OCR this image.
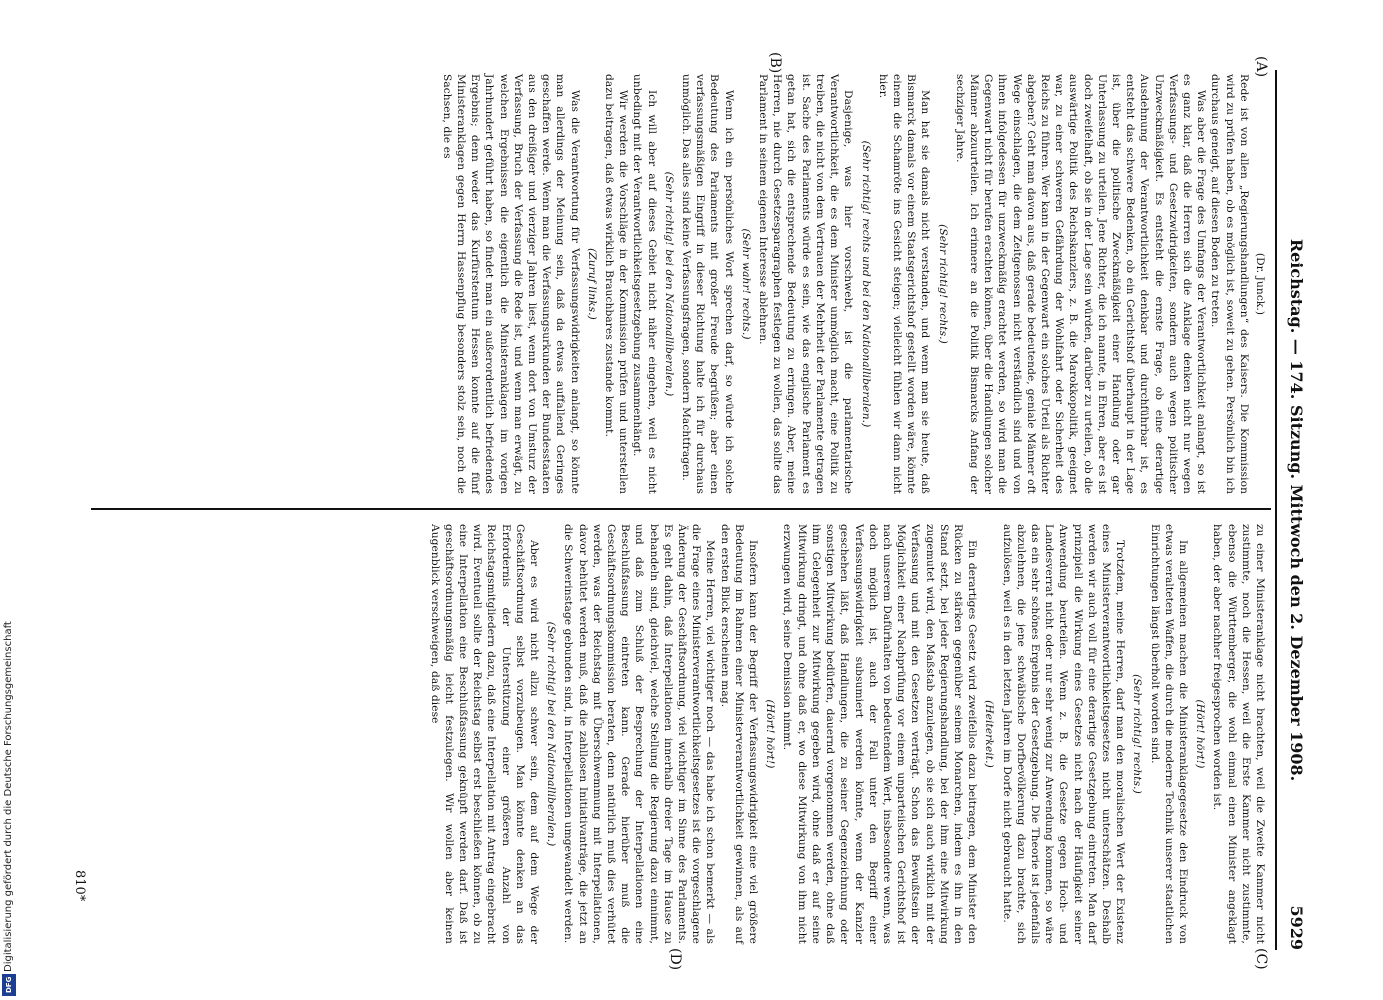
Reichstag. — 174. Sitzung. Mittwoch den 2. Dezember 1908.
5929
(A)
(B)
(C)
(D)

(Dr. Junck.)

Rede ist von allen „Regierungshandlungen“ des Kaisers. Die Kommission wird zu prüfen haben, ob es möglich ist, soweit zu gehen. Persönlich bin ich durchaus geneigt, auf diesen Boden zu treten.

Was aber die Frage des Umfangs der Verantwortlichkeit anlangt, so ist es ganz klar, daß die Herren sich die Anklage denken nicht nur wegen Verfassungs- und Gesetzwidrigkeiten, sondern auch wegen politischer Unzweckmäßigkeit. Es entsteht die ernste Frage, ob eine derartige Ausdehnung der Verantwortlichkeit denkbar und durchführbar ist, es entsteht das schwere Bedenken, ob ein Gerichtshof überhaupt in der Lage ist, über die politische Zweckmäßigkeit einer Handlung oder gar Unterlassung zu urteilen. Jene Richter, die ich nannte, in Ehren, aber es ist doch zweifelhaft, ob sie in der Lage sein würden, darüber zu urteilen, ob die auswärtige Politik des Reichskanzlers, z. B. die Marokkopolitik, geeignet war, zu einer schweren Gefährdung der Wohlfahrt oder Sicherheit des Reichs zu führen. Wer kann in der Gegenwart ein solches Urteil als Richter abgeben? Geht man davon aus, daß gerade bedeutende, geniale Männer oft Wege einschlagen, die dem Zeitgenossen nicht verständlich sind und von ihnen infolgedessen für unzweckmäßig erachtet werden, so wird man die Gegenwart nicht für berufen erachten können, über die Handlungen solcher Männer abzuurteilen. Ich erinnere an die Politik Bismarcks Anfang der sechziger Jahre.

(Sehr richtig! rechts.)

Man hat sie damals nicht verstanden, und wenn man sie heute, daß Bismarck damals vor einem Staatsgerichtshof gestellt worden wäre, könnte einem die Schamröte ins Gesicht steigen; vielleicht fühlen wir dann nicht hier.

(Sehr richtig! rechts und bei den Nationalliberalen.)

Dasjenige, was hier vorschwebt, ist die parlamentarische Verantwortlichkeit, die es dem Minister unmöglich macht, eine Politik zu treiben, die nicht von dem Vertrauen der Mehrheit der Parlamente getragen ist. Sache des Parlaments würde es sein, wie das englische Parlament es getan hat, sich die entsprechende Bedeutung zu erringen. Aber, meine Herren, nie durch Gesetzesparagraphen festlegen zu wollen, das sollte das Parlament in seinem eigenen Interesse ablehnen.

(Sehr wahr! rechts.)

Wenn ich ein persönliches Wort sprechen darf, so würde ich solche Bedeutung des Parlaments mit großer Freude begrüßen; aber einen verfassungsmäßigen Eingriff in dieser Richtung halte ich für durchaus unmöglich. Das alles sind keine Verfassungsfragen, sondern Machtfragen.

(Sehr richtig! bei den Nationalliberalen.)

Ich will aber auf dieses Gebiet nicht näher eingehen, weil es nicht unbedingt mit der Verantwortlichkeitsgesetzgebung zusammenhängt.

Wir werden die Vorschläge in der Kommission prüfen und unterstellen dazu beitragen, daß etwas wirklich Brauchbares zustande kommt.

(Zuruf links.)

Was die Verantwortung für Verfassungswidrigkeiten anlangt, so könnte man allerdings der Meinung sein, daß da etwas auffallend Geringes geschaffen werde. Wenn man die Verfassungsurkunden der Bundesstaaten aus den dreißiger und vierziger Jahren liest, wenn dort von Umsturz der Verfassung, Bruch der Verfassung die Rede ist, und wenn man erwägt, zu welchen Ergebnissen die eigentlich die Ministeranklagen im vorigen Jahrhundert geführt haben, so findet man ein außerordentlich befriedendes Ergebnis; denn weder das Kurfürstentum Hessen konnte auf die fünf Ministeranklagen gegen Herrn Hassenpflug besonders stolz sein, noch die Sachsen, die es

zu einer Ministeranklage nicht brachten, weil die Zweite Kammer nicht zustimmte, noch die Hessen, weil die Erste Kammer nicht zustimmte, ebenso die Württemberger, die wohl einmal einen Minister angeklagt haben, der aber nachher freigesprochen worden ist.

(Hört! hört!)

Im allgemeinen machen die Ministeranklagegesetze den Eindruck von etwas veralteten Waffen, die durch die moderne Technik unserer staatlichen Einrichtungen längst überholt worden sind.

(Sehr richtig! rechts.)

Trotzdem, meine Herren, darf man den moralischen Wert der Existenz eines Ministerverantwortlichkeitsgesetzes nicht unterschätzen. Deshalb werden wir auch voll für eine derartige Gesetzgebung eintreten. Man darf prinzipiell die Wirkung eines Gesetzes nicht nach der Häufigkeit seiner Anwendung beurteilen. Wenn z. B. die Gesetze gegen Hoch- und Landesverrat nicht oder nur sehr wenig zur Anwendung kommen, so wäre das ein sehr schönes Ergebnis der Gesetzgebung. Die Theorie ist jedenfalls abzulehnen, die jene schwäbische Dorfbevölkerung dazu brachte, sich aufzulösen, weil es in den letzten Jahren im Dorfe nicht gebraucht hatte.

(Heiterkeit.)

Ein derartiges Gesetz wird zweifellos dazu beitragen, dem Minister den Rücken zu stärken gegenüber seinem Monarchen, indem es ihn in den Stand setzt, bei jeder Regierungshandlung, bei der ihm eine Mitwirkung zugemutet wird, den Maßstab anzulegen, ob sie sich auch wirklich mit der Verfassung und mit den Gesetzen verträgt. Schon das Bewußtsein der Möglichkeit einer Nachprüfung vor einem unparteiischen Gerichtshof ist nach unserem Dafürhalten von bedeutendem Wert, insbesondere wenn, was doch möglich ist, auch der Fall unter den Begriff einer Verfassungswidrigkeit subsumiert werden könnte, wenn der Kanzler geschehen läßt, daß Handlungen, die zu seiner Gegenzeichnung oder sonstigen Mitwirkung bedürfen, dauernd vorgenommen werden, ohne daß ihm Gelegenheit zur Mitwirkung gegeben wird, ohne daß er auf seine Mitwirkung dringt, und ohne daß er, wo diese Mitwirkung von ihm nicht erzwungen wird, seine Demission nimmt.

(Hört! hört!)

Insofern kann der Begriff der Verfassungswidrigkeit eine viel größere Bedeutung im Rahmen einer Ministerverantwortlichkeit gewinnen, als auf den ersten Blick erscheinen mag.

Meine Herren, viel wichtiger noch — das habe ich schon bemerkt — als die Frage eines Ministerverantwortlichkeitsgesetzes ist die vorgeschlagene Änderung der Geschäftsordnung, viel wichtiger im Sinne des Parlaments. Es geht dahin, daß Interpellationen innerhalb dreier Tage im Hause zu behandeln sind, gleichviel, welche Stellung die Regierung dazu einnimmt, und daß zum Schluß der Besprechung der Interpellationen eine Beschlußfassung eintreten kann. Gerade hierüber muß die Geschäftsordnungskommission beraten, denn natürlich muß dies verhütet werden, was der Reichstag mit Überschwemmung mit Interpellationen, davor behütet werden muß, daß die zahllosen Initiativanträge, die jetzt an die Schwerinstage gebunden sind, in Interpellationen umgewandelt werden.

(Sehr richtig! bei den Nationalliberalen.)

Aber es wird nicht allzu schwer sein, dem auf dem Wege der Geschäftsordnung selbst vorzubeugen. Man könnte denken an das Erfordernis der Unterstützung einer größeren Anzahl von Reichstagsmitgliedern dazu, daß eine Interpellation mit Antrag eingebracht wird. Eventuell sollte der Reichstag selbst erst beschließen können, ob zu eine Interpellation eine Beschlußfassung geknüpft werden darf. Daß ist geschäftsordnungsmäßig leicht festzulegen. Wir wollen aber keinen Augenblick verschweigen, daß diese

810*
Digitalisierung gefördert durch die Deutsche Forschungsgemeinschaft
DFG
